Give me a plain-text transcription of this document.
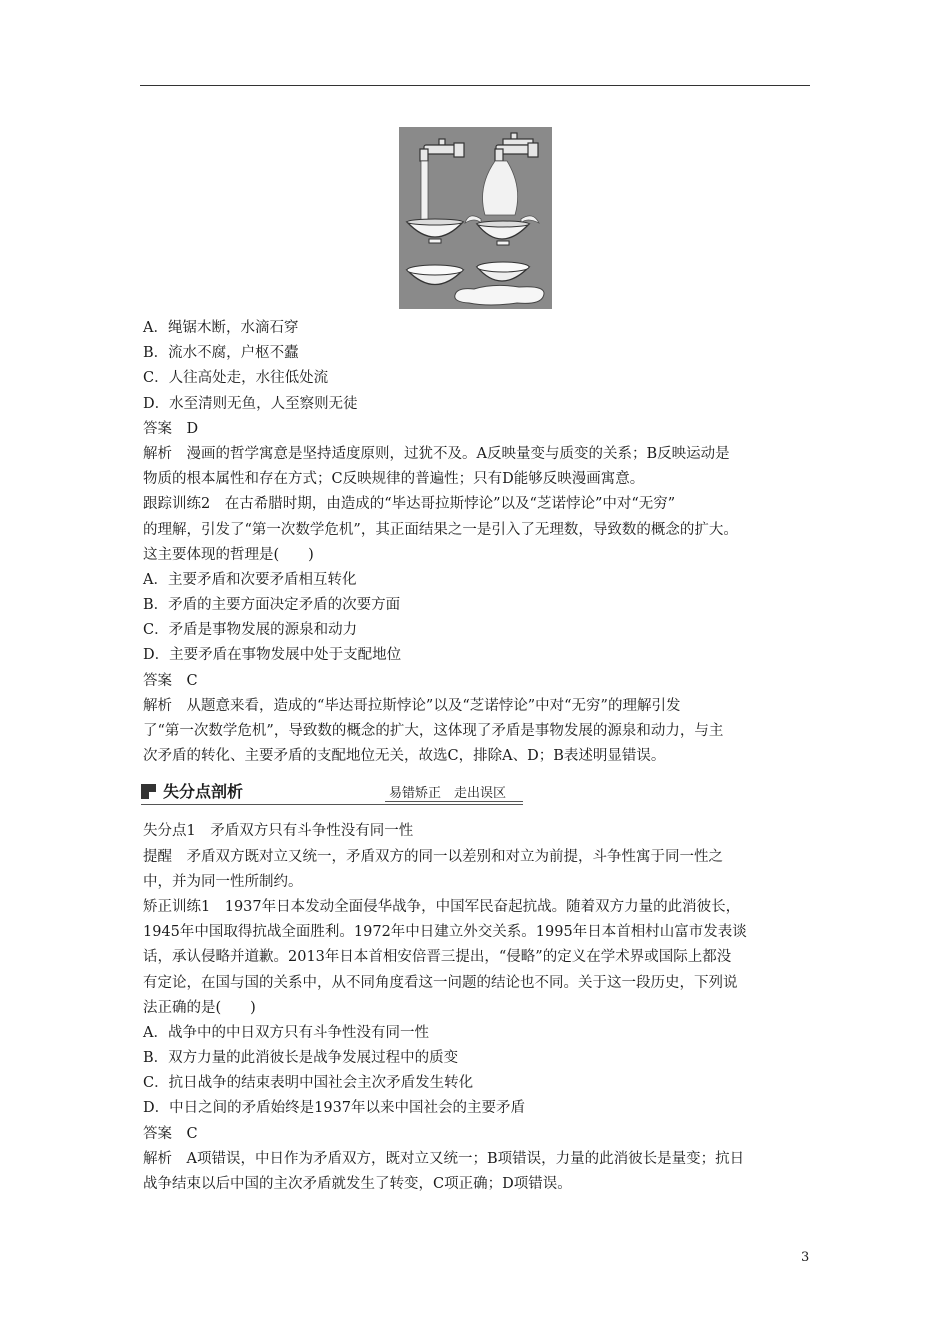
A．绳锯木断，水滴石穿
B．流水不腐，户枢不蠹
C．人往高处走，水往低处流
D．水至清则无鱼，人至察则无徒
答案　D
解析　漫画的哲学寓意是坚持适度原则，过犹不及。A反映量变与质变的关系；B反映运动是
物质的根本属性和存在方式；C反映规律的普遍性；只有D能够反映漫画寓意。
跟踪训练2　在古希腊时期，由造成的“毕达哥拉斯悖论”以及“芝诺悖论”中对“无穷”
的理解，引发了“第一次数学危机”，其正面结果之一是引入了无理数，导致数的概念的扩大。
这主要体现的哲理是(　　)
A．主要矛盾和次要矛盾相互转化
B．矛盾的主要方面决定矛盾的次要方面
C．矛盾是事物发展的源泉和动力
D．主要矛盾在事物发展中处于支配地位
答案　C
解析　从题意来看，造成的“毕达哥拉斯悖论”以及“芝诺悖论”中对“无穷”的理解引发
了“第一次数学危机”，导致数的概念的扩大，这体现了矛盾是事物发展的源泉和动力，与主
次矛盾的转化、主要矛盾的支配地位无关，故选C，排除A、D；B表述明显错误。
失分点剖析	易错矫正　走出误区
失分点1　矛盾双方只有斗争性没有同一性
提醒　矛盾双方既对立又统一，矛盾双方的同一以差别和对立为前提，斗争性寓于同一性之
中，并为同一性所制约。
矫正训练1　1937年日本发动全面侵华战争，中国军民奋起抗战。随着双方力量的此消彼长，
1945年中国取得抗战全面胜利。1972年中日建立外交关系。1995年日本首相村山富市发表谈
话，承认侵略并道歉。2013年日本首相安倍晋三提出，“侵略”的定义在学术界或国际上都没
有定论，在国与国的关系中，从不同角度看这一问题的结论也不同。关于这一段历史，下列说
法正确的是(　　)
A．战争中的中日双方只有斗争性没有同一性
B．双方力量的此消彼长是战争发展过程中的质变
C．抗日战争的结束表明中国社会主次矛盾发生转化
D．中日之间的矛盾始终是1937年以来中国社会的主要矛盾
答案　C
解析　A项错误，中日作为矛盾双方，既对立又统一；B项错误，力量的此消彼长是量变；抗日
战争结束以后中国的主次矛盾就发生了转变，C项正确；D项错误。
3
